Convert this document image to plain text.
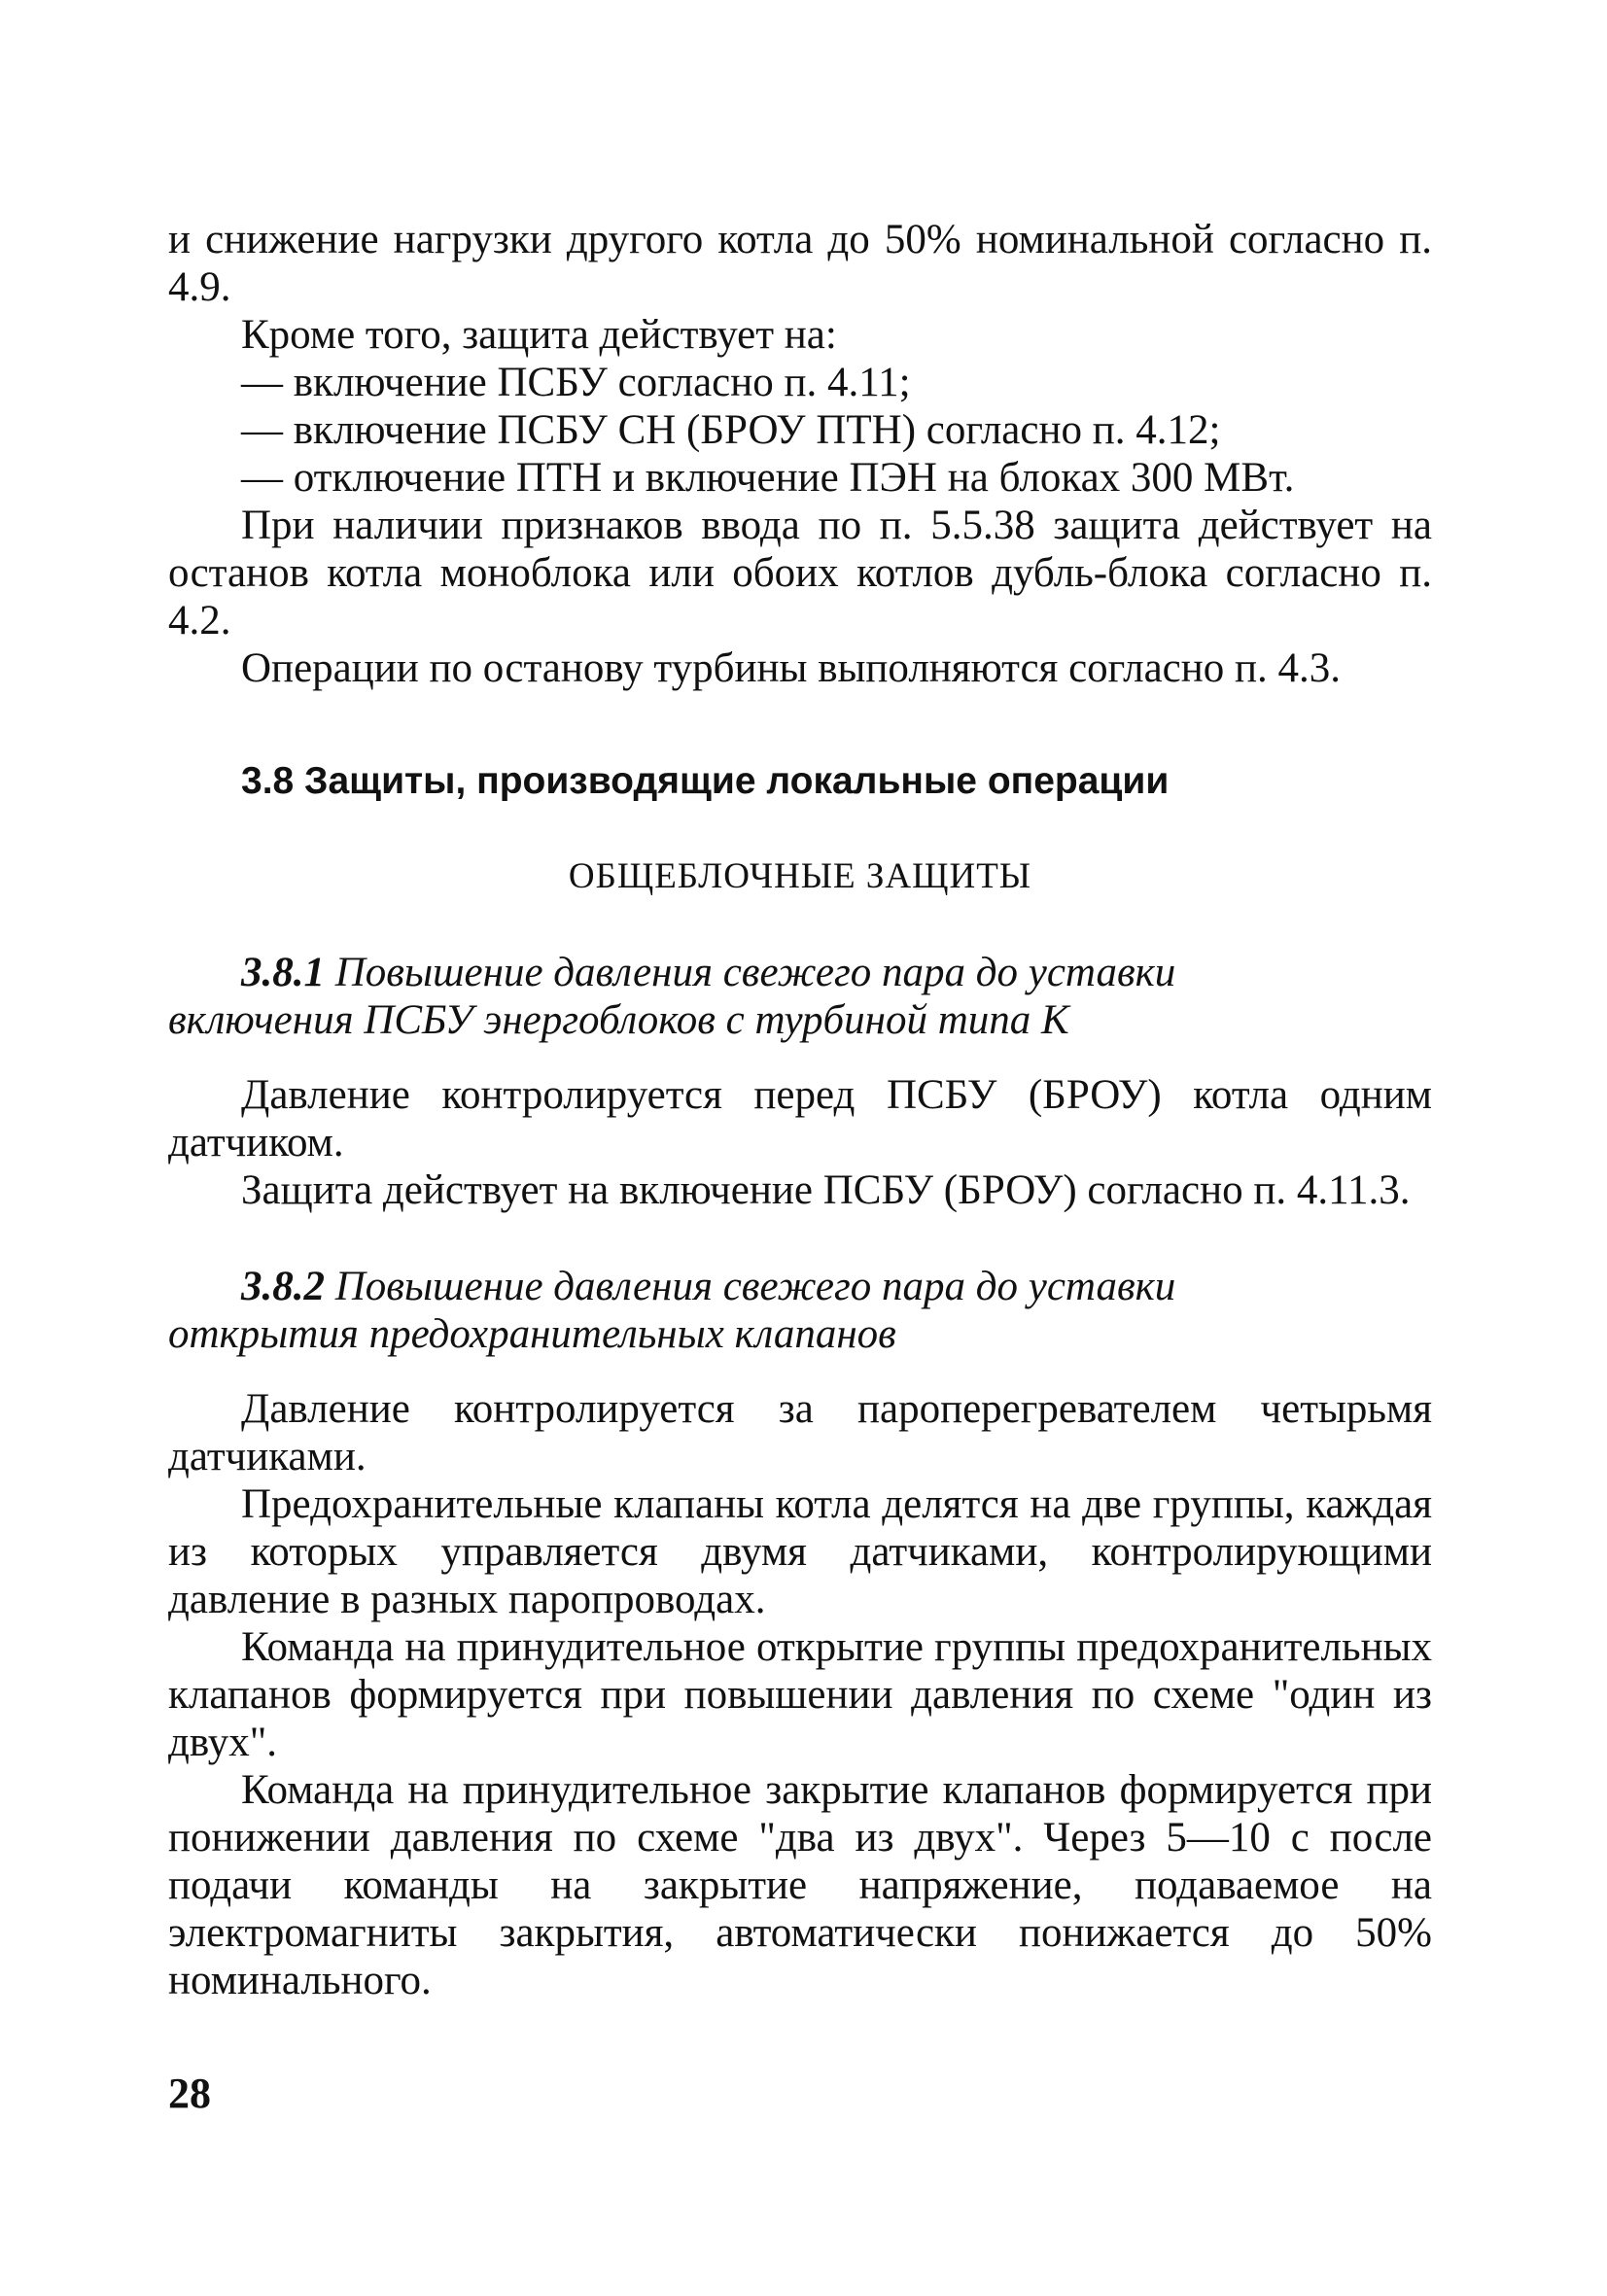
и снижение нагрузки другого котла до 50% номинальной согласно п. 4.9.

Кроме того, защита действует на:

— включение ПСБУ согласно п. 4.11;

— включение ПСБУ СН (БРОУ ПТН) согласно п. 4.12;

— отключение ПТН и включение ПЭН на блоках 300 МВт.

При наличии признаков ввода по п. 5.5.38 защита действует на останов котла моноблока или обоих котлов дубль-блока согласно п. 4.2.

Операции по останову турбины выполняются согласно п. 4.3.

3.8 Защиты, производящие локальные операции
ОБЩЕБЛОЧНЫЕ ЗАЩИТЫ
3.8.1 Повышение давления свежего пара до уставки
включения ПСБУ энергоблоков с турбиной типа К

Давление контролируется перед ПСБУ (БРОУ) котла одним датчиком.

Защита действует на включение ПСБУ (БРОУ) согласно п. 4.11.3.

3.8.2 Повышение давления свежего пара до уставки
открытия предохранительных клапанов

Давление контролируется за пароперегревателем четырьмя датчиками.

Предохранительные клапаны котла делятся на две группы, каждая из которых управляется двумя датчиками, контролирующими давление в разных паропроводах.

Команда на принудительное открытие группы предохранительных клапанов формируется при повышении давления по схеме "один из двух".

Команда на принудительное закрытие клапанов формируется при понижении давления по схеме "два из двух". Через 5—10 с после подачи команды на закрытие напряжение, подаваемое на электромагниты закрытия, автоматически понижается до 50% номинального.

28
